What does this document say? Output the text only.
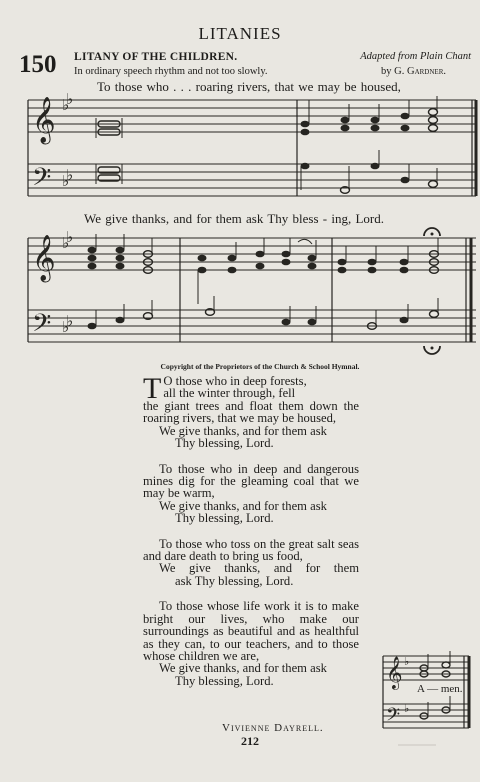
LITANIES
150 LITANY OF THE CHILDREN.
In ordinary speech rhythm and not too slowly.
Adapted from Plain Chant
by G. Gardner.
To those who . . . roaring rivers, that we may be housed,
We give thanks, and for them ask Thy bless - ing, Lord.
𝄞
𝄢
♭
♭
♭
♭
𝄞
𝄢
♭
♭
♭
♭
𝄞
𝄢
♭
♭
A — men.
Copyright of the Proprietors of the Church & School Hymnal.
T O those who in deep forests,
all the winter through, fell
the giant trees and float them down the roaring rivers, that we may be housed,
We give thanks, and for them ask
Thy blessing, Lord.
To those who in deep and dangerous mines dig for the gleaming coal that we may be warm,
We give thanks, and for them ask
Thy blessing, Lord.
To those who toss on the great salt seas and dare death to bring us food,
We give thanks, and for them
ask Thy blessing, Lord.
To those whose life work it is to make bright our lives, who make our surroundings as beautiful and as healthful as they can, to our teachers, and to those whose children we are,
We give thanks, and for them ask
Thy blessing, Lord.
Vivienne Dayrell.
212
